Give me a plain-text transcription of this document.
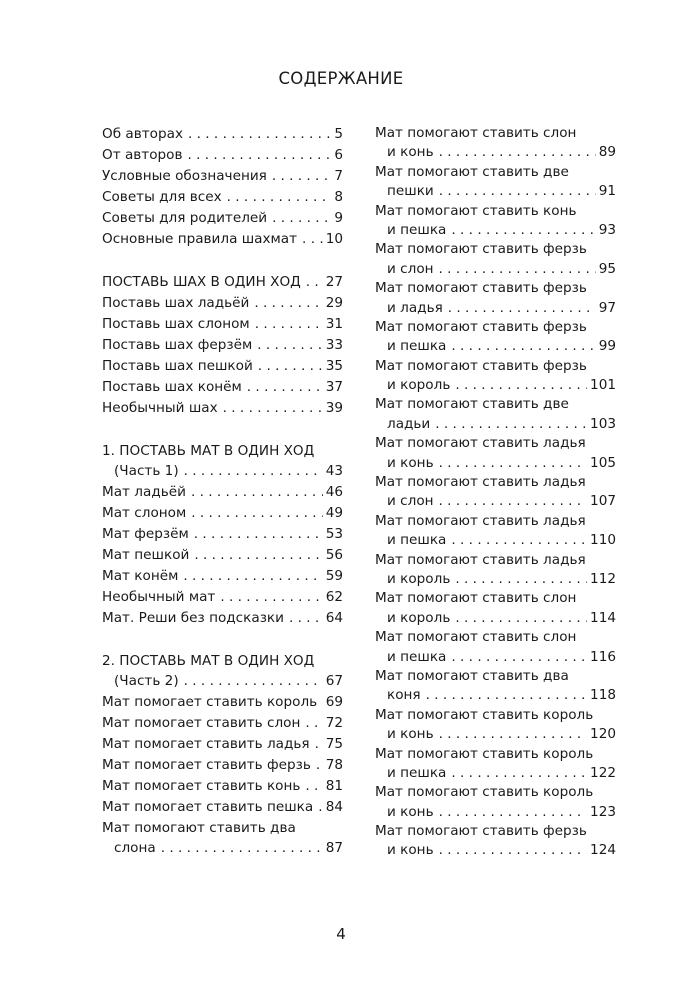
СОДЕРЖАНИЕ
Об авторах . . .	5
От авторов . . .	6
Условные обозначения . . .	7
Советы для всех . . .	8
Советы для родителей . . .	9
Основные правила шахмат . . . 10
ПОСТАВЬ ШАХ В ОДИН ХОД . . . 27
Поставь шах ладьёй . . .	29
Поставь шах слоном . . .	31
Поставь шах ферзём . . .	33
Поставь шах пешкой . . .	35
Поставь шах конём . . .	37
Необычный шах . . .	39
1. ПОСТАВЬ МАТ В ОДИН ХОД
(Часть 1) . . .	43
Мат ладьёй . . .	46
Мат слоном . . .	49
Мат ферзём . . .	53
Мат пешкой . . .	56
Мат конём . . .	59
Необычный мат . . .	62
Мат. Реши без подсказки . . .	64
2. ПОСТАВЬ МАТ В ОДИН ХОД
(Часть 2) . . .	67
Мат помогает ставить король . . . 69
Мат помогает ставить слон . . . 72
Мат помогает ставить ладья . . . 75
Мат помогает ставить ферзь . . . 78
Мат помогает ставить конь . . . 81
Мат помогает ставить пешка . . . 84
Мат помогают ставить два
слона . . .	87
Мат помогают ставить слон
и конь . . .	89
Мат помогают ставить две
пешки . . .	91
Мат помогают ставить конь
и пешка . . .	93
Мат помогают ставить ферзь
и слон . . .	95
Мат помогают ставить ферзь
и ладья . . .	97
Мат помогают ставить ферзь
и пешка . . .	99
Мат помогают ставить ферзь
и король . . .	101
Мат помогают ставить две
ладьи . . .	103
Мат помогают ставить ладья
и конь . . .	105
Мат помогают ставить ладья
и слон . . .	107
Мат помогают ставить ладья
и пешка . . .	110
Мат помогают ставить ладья
и король . . .	112
Мат помогают ставить слон
и король . . .	114
Мат помогают ставить слон
и пешка . . .	116
Мат помогают ставить два
коня . . .	118
Мат помогают ставить король
и конь . . .	120
Мат помогают ставить король
и пешка . . .	122
Мат помогают ставить король
и конь . . .	123
Мат помогают ставить ферзь
и конь . . .	124
4
